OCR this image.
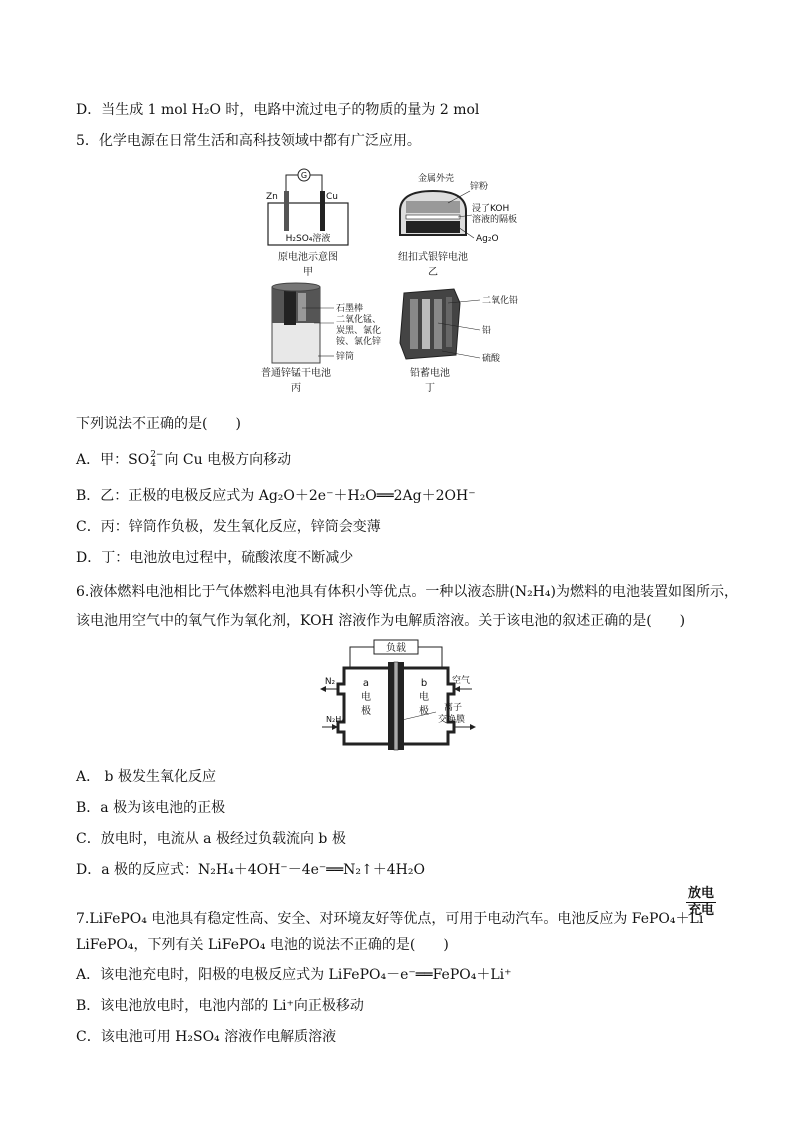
D．当生成 1 mol H₂O 时，电路中流过电子的物质的量为 2 mol
5．化学电源在日常生活和高科技领域中都有广泛应用。
G
Zn	Cu
H₂SO₄溶液
原电池示意图
甲
金属外壳
锌粉
浸了KOH
溶液的隔板
Ag₂O
纽扣式银锌电池
乙
石墨棒
二氧化锰、
炭黑、氯化
铵、氯化锌
锌筒
普通锌锰干电池
丙
二氧化铅
铅
硫酸
铅蓄电池
丁
下列说法不正确的是(　　)
A．甲：SO2−
4 向 Cu 电极方向移动
B．乙：正极的电极反应式为 Ag₂O＋2e⁻＋H₂O══2Ag＋2OH⁻
C．丙：锌筒作负极，发生氧化反应，锌筒会变薄
D．丁：电池放电过程中，硫酸浓度不断减少
6.液体燃料电池相比于气体燃料电池具有体积小等优点。一种以液态肼(N₂H₄)为燃料的电池装置如图所示，
该电池用空气中的氧气作为氧化剂，KOH 溶液作为电解质溶液。关于该电池的叙述正确的是(　　)
负载
a
电
极
b
电
极
N₂
N₂H₄
空气
离子
交换膜
A． b 极发生氧化反应
B．a 极为该电池的正极
C．放电时，电流从 a 极经过负载流向 b 极
D．a 极的反应式：N₂H₄＋4OH⁻－4e⁻══N₂↑＋4H₂O
7.LiFePO₄ 电池具有稳定性高、安全、对环境友好等优点，可用于电动汽车。电池反应为 FePO₄＋Li
放电
充电
LiFePO₄，下列有关 LiFePO₄ 电池的说法不正确的是(　　)
A．该电池充电时，阳极的电极反应式为 LiFePO₄－e⁻══FePO₄＋Li⁺
B．该电池放电时，电池内部的 Li⁺向正极移动
C．该电池可用 H₂SO₄ 溶液作电解质溶液
